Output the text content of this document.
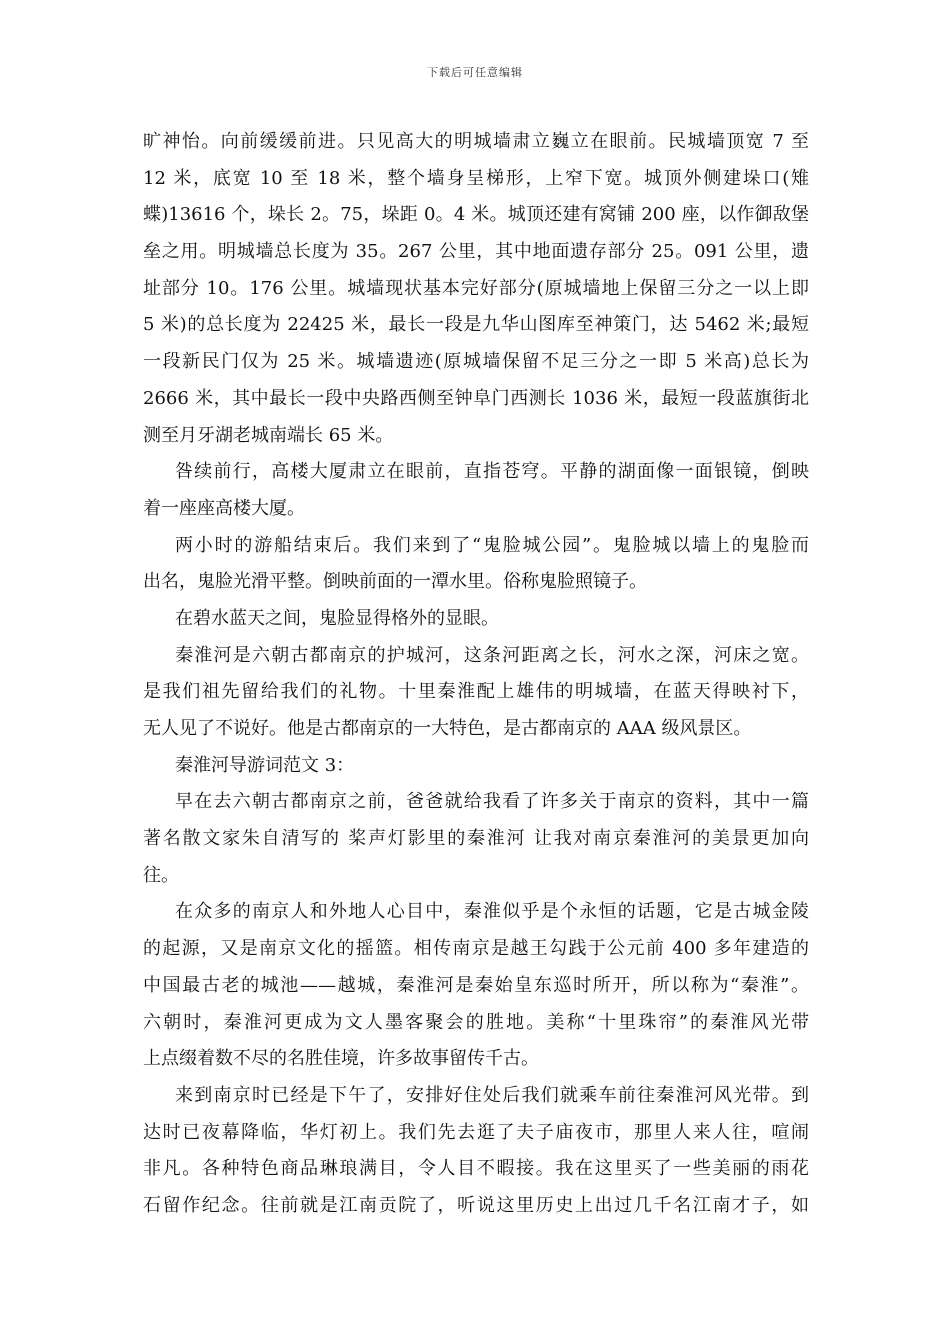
下载后可任意编辑
旷神怡。向前缓缓前进。只见高大的明城墙肃立巍立在眼前。民城墙顶宽 7 至
12 米，底宽 10 至 18 米，整个墙身呈梯形，上窄下宽。城顶外侧建垛口(雉
蝶)13616 个，垛长 2。75，垛距 0。4 米。城顶还建有窝铺 200 座，以作御敌堡
垒之用。明城墙总长度为 35。267 公里，其中地面遗存部分 25。091 公里，遗
址部分 10。176 公里。城墙现状基本完好部分(原城墙地上保留三分之一以上即
5 米)的总长度为 22425 米，最长一段是九华山图库至神策门，达 5462 米;最短
一段新民门仅为 25 米。城墙遗迹(原城墙保留不足三分之一即 5 米高)总长为
2666 米，其中最长一段中央路西侧至钟阜门西测长 1036 米，最短一段蓝旗街北
测至月牙湖老城南端长 65 米。
咎续前行，高楼大厦肃立在眼前，直指苍穹。平静的湖面像一面银镜，倒映
着一座座高楼大厦。
两小时的游船结束后。我们来到了“鬼脸城公园”。鬼脸城以墙上的鬼脸而
出名，鬼脸光滑平整。倒映前面的一潭水里。俗称鬼脸照镜子。
在碧水蓝天之间，鬼脸显得格外的显眼。
秦淮河是六朝古都南京的护城河，这条河距离之长，河水之深，河床之宽。
是我们祖先留给我们的礼物。十里秦淮配上雄伟的明城墙，在蓝天得映衬下，
无人见了不说好。他是古都南京的一大特色，是古都南京的 AAA 级风景区。
秦淮河导游词范文 3：
早在去六朝古都南京之前，爸爸就给我看了许多关于南京的资料，其中一篇
著名散文家朱自清写的 桨声灯影里的秦淮河 让我对南京秦淮河的美景更加向
往。
在众多的南京人和外地人心目中，秦淮似乎是个永恒的话题，它是古城金陵
的起源，又是南京文化的摇篮。相传南京是越王勾践于公元前 400 多年建造的
中国最古老的城池——越城，秦淮河是秦始皇东巡时所开，所以称为“秦淮”。
六朝时，秦淮河更成为文人墨客聚会的胜地。美称“十里珠帘”的秦淮风光带
上点缀着数不尽的名胜佳境，许多故事留传千古。
来到南京时已经是下午了，安排好住处后我们就乘车前往秦淮河风光带。到
达时已夜幕降临，华灯初上。我们先去逛了夫子庙夜市，那里人来人往，喧闹
非凡。各种特色商品琳琅满目，令人目不暇接。我在这里买了一些美丽的雨花
石留作纪念。往前就是江南贡院了，听说这里历史上出过几千名江南才子，如
